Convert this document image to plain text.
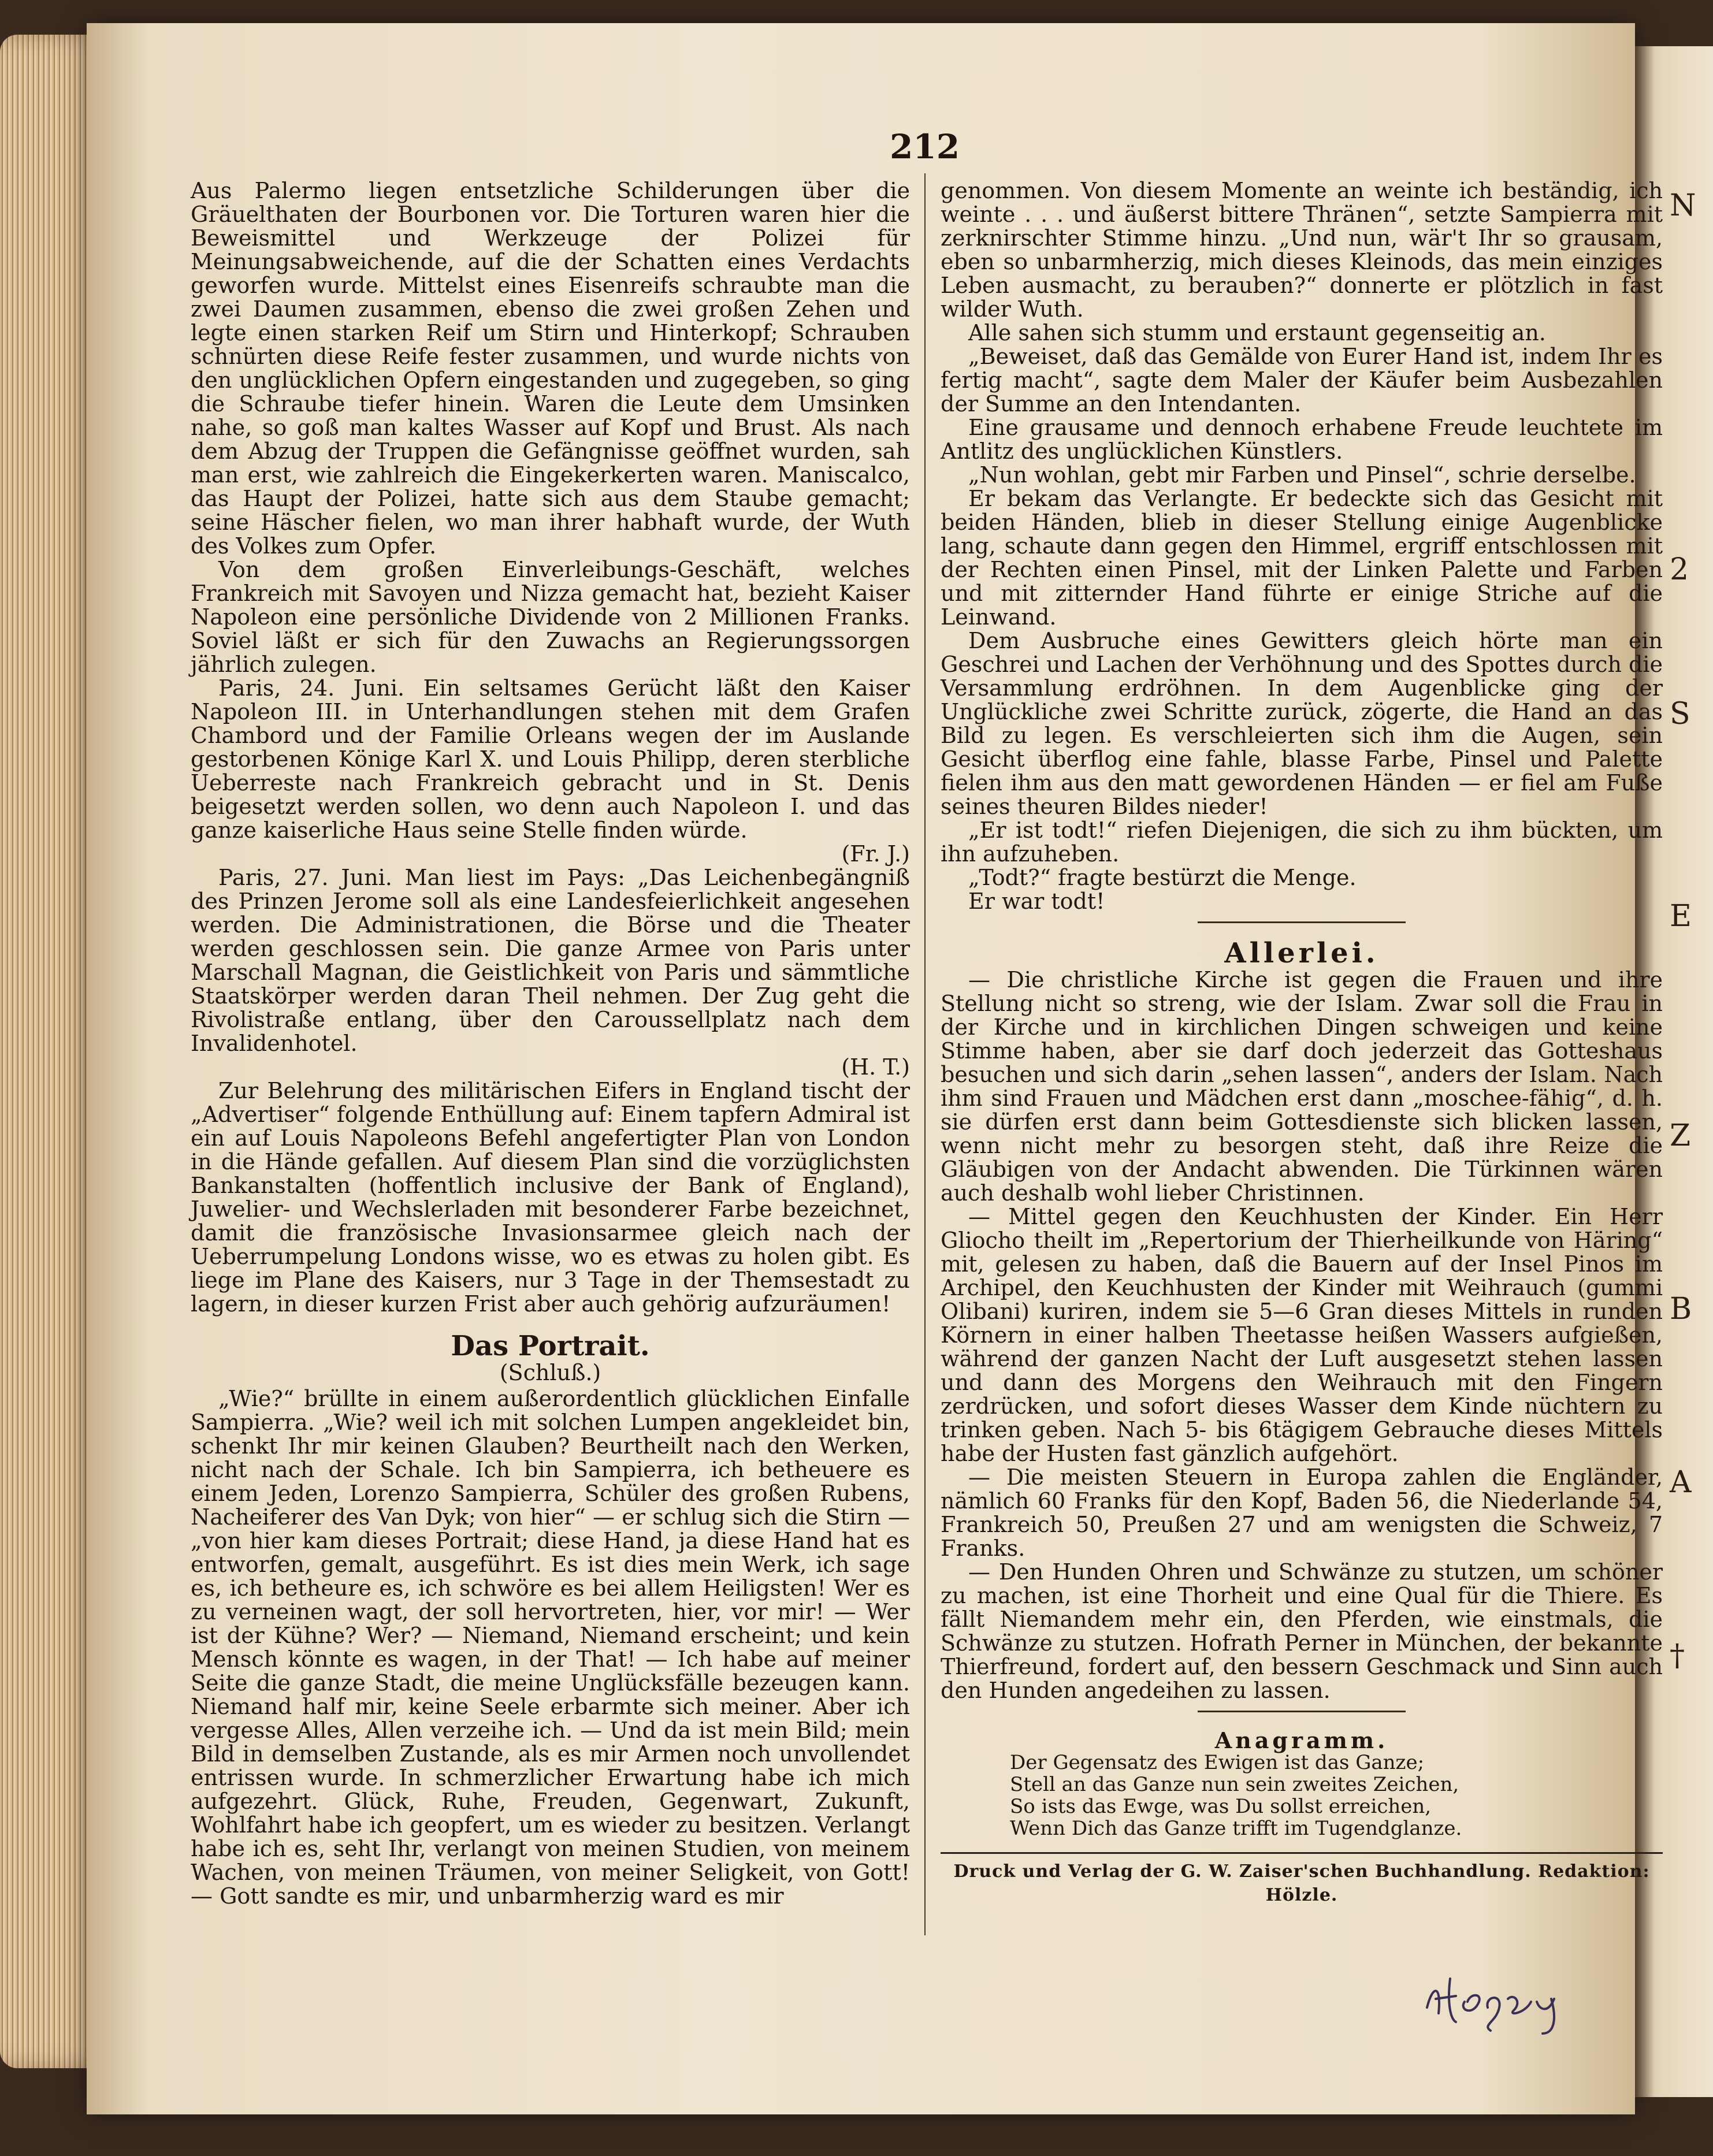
N
2
S
E
Z
B
A
†
212

Aus Palermo liegen entsetzliche Schilderungen über die Gräuelthaten der Bourbonen vor. Die Torturen waren hier die Beweismittel und Werkzeuge der Polizei für Meinungsabweichende, auf die der Schatten eines Verdachts geworfen wurde. Mittelst eines Eisenreifs schraubte man die zwei Daumen zusammen, ebenso die zwei großen Zehen und legte einen starken Reif um Stirn und Hinterkopf; Schrauben schnürten diese Reife fester zusammen, und wurde nichts von den unglücklichen Opfern eingestanden und zugegeben, so ging die Schraube tiefer hinein. Waren die Leute dem Umsinken nahe, so goß man kaltes Wasser auf Kopf und Brust. Als nach dem Abzug der Truppen die Gefängnisse geöffnet wurden, sah man erst, wie zahlreich die Eingekerkerten waren. Maniscalco, das Haupt der Polizei, hatte sich aus dem Staube gemacht; seine Häscher fielen, wo man ihrer habhaft wurde, der Wuth des Volkes zum Opfer.

Von dem großen Einverleibungs-Geschäft, welches Frankreich mit Savoyen und Nizza gemacht hat, bezieht Kaiser Napoleon eine persönliche Dividende von 2 Millionen Franks. Soviel läßt er sich für den Zuwachs an Regierungssorgen jährlich zulegen.

Paris, 24. Juni. Ein seltsames Gerücht läßt den Kaiser Napoleon III. in Unterhandlungen stehen mit dem Grafen Chambord und der Familie Orleans wegen der im Auslande gestorbenen Könige Karl X. und Louis Philipp, deren sterbliche Ueberreste nach Frankreich gebracht und in St. Denis beigesetzt werden sollen, wo denn auch Napoleon I. und das ganze kaiserliche Haus seine Stelle finden würde.

(Fr. J.)

Paris, 27. Juni. Man liest im Pays: „Das Leichenbegängniß des Prinzen Jerome soll als eine Landesfeierlichkeit angesehen werden. Die Administrationen, die Börse und die Theater werden geschlossen sein. Die ganze Armee von Paris unter Marschall Magnan, die Geistlichkeit von Paris und sämmtliche Staatskörper werden daran Theil nehmen. Der Zug geht die Rivolistraße entlang, über den Caroussellplatz nach dem Invalidenhotel.

(H. T.)

Zur Belehrung des militärischen Eifers in England tischt der „Advertiser“ folgende Enthüllung auf: Einem tapfern Admiral ist ein auf Louis Napoleons Befehl angefertigter Plan von London in die Hände gefallen. Auf diesem Plan sind die vorzüglichsten Bankanstalten (hoffentlich inclusive der Bank of England), Juwelier- und Wechslerladen mit besonderer Farbe bezeichnet, damit die französische Invasionsarmee gleich nach der Ueberrumpelung Londons wisse, wo es etwas zu holen gibt. Es liege im Plane des Kaisers, nur 3 Tage in der Themsestadt zu lagern, in dieser kurzen Frist aber auch gehörig aufzuräumen!

Das Portrait.
(Schluß.)

„Wie?“ brüllte in einem außerordentlich glücklichen Einfalle Sampierra. „Wie? weil ich mit solchen Lumpen angekleidet bin, schenkt Ihr mir keinen Glauben? Beurtheilt nach den Werken, nicht nach der Schale. Ich bin Sampierra, ich betheuere es einem Jeden, Lorenzo Sampierra, Schüler des großen Rubens, Nacheiferer des Van Dyk; von hier“ — er schlug sich die Stirn — „von hier kam dieses Portrait; diese Hand, ja diese Hand hat es entworfen, gemalt, ausgeführt. Es ist dies mein Werk, ich sage es, ich betheure es, ich schwöre es bei allem Heiligsten! Wer es zu verneinen wagt, der soll hervortreten, hier, vor mir! — Wer ist der Kühne? Wer? — Niemand, Niemand erscheint; und kein Mensch könnte es wagen, in der That! — Ich habe auf meiner Seite die ganze Stadt, die meine Unglücksfälle bezeugen kann. Niemand half mir, keine Seele erbarmte sich meiner. Aber ich vergesse Alles, Allen verzeihe ich. — Und da ist mein Bild; mein Bild in demselben Zustande, als es mir Armen noch unvollendet entrissen wurde. In schmerzlicher Erwartung habe ich mich aufgezehrt. Glück, Ruhe, Freuden, Gegenwart, Zukunft, Wohlfahrt habe ich geopfert, um es wieder zu besitzen. Verlangt habe ich es, seht Ihr, verlangt von meinen Studien, von meinem Wachen, von meinen Träumen, von meiner Seligkeit, von Gott! — Gott sandte es mir, und unbarmherzig ward es mir

genommen. Von diesem Momente an weinte ich beständig, ich weinte . . . und äußerst bittere Thränen“, setzte Sampierra mit zerknirschter Stimme hinzu. „Und nun, wär't Ihr so grausam, eben so unbarmherzig, mich dieses Kleinods, das mein einziges Leben ausmacht, zu berauben?“ donnerte er plötzlich in fast wilder Wuth.

Alle sahen sich stumm und erstaunt gegenseitig an.

„Beweiset, daß das Gemälde von Eurer Hand ist, indem Ihr es fertig macht“, sagte dem Maler der Käufer beim Ausbezahlen der Summe an den Intendanten.

Eine grausame und dennoch erhabene Freude leuchtete im Antlitz des unglücklichen Künstlers.

„Nun wohlan, gebt mir Farben und Pinsel“, schrie derselbe.

Er bekam das Verlangte. Er bedeckte sich das Gesicht mit beiden Händen, blieb in dieser Stellung einige Augenblicke lang, schaute dann gegen den Himmel, ergriff entschlossen mit der Rechten einen Pinsel, mit der Linken Palette und Farben und mit zitternder Hand führte er einige Striche auf die Leinwand.

Dem Ausbruche eines Gewitters gleich hörte man ein Geschrei und Lachen der Verhöhnung und des Spottes durch die Versammlung erdröhnen. In dem Augenblicke ging der Unglückliche zwei Schritte zurück, zögerte, die Hand an das Bild zu legen. Es verschleierten sich ihm die Augen, sein Gesicht überflog eine fahle, blasse Farbe, Pinsel und Palette fielen ihm aus den matt gewordenen Händen — er fiel am Fuße seines theuren Bildes nieder!

„Er ist todt!“ riefen Diejenigen, die sich zu ihm bückten, um ihn aufzuheben.

„Todt?“ fragte bestürzt die Menge.

Er war todt!

Allerlei.

— Die christliche Kirche ist gegen die Frauen und ihre Stellung nicht so streng, wie der Islam. Zwar soll die Frau in der Kirche und in kirchlichen Dingen schweigen und keine Stimme haben, aber sie darf doch jederzeit das Gotteshaus besuchen und sich darin „sehen lassen“, anders der Islam. Nach ihm sind Frauen und Mädchen erst dann „moschee-fähig“, d. h. sie dürfen erst dann beim Gottesdienste sich blicken lassen, wenn nicht mehr zu besorgen steht, daß ihre Reize die Gläubigen von der Andacht abwenden. Die Türkinnen wären auch deshalb wohl lieber Christinnen.

— Mittel gegen den Keuchhusten der Kinder. Ein Herr Gliocho theilt im „Repertorium der Thierheilkunde von Häring“ mit, gelesen zu haben, daß die Bauern auf der Insel Pinos im Archipel, den Keuchhusten der Kinder mit Weihrauch (gummi Olibani) kuriren, indem sie 5—6 Gran dieses Mittels in runden Körnern in einer halben Theetasse heißen Wassers aufgießen, während der ganzen Nacht der Luft ausgesetzt stehen lassen und dann des Morgens den Weihrauch mit den Fingern zerdrücken, und sofort dieses Wasser dem Kinde nüchtern zu trinken geben. Nach 5- bis 6tägigem Gebrauche dieses Mittels habe der Husten fast gänzlich aufgehört.

— Die meisten Steuern in Europa zahlen die Engländer, nämlich 60 Franks für den Kopf, Baden 56, die Niederlande 54, Frankreich 50, Preußen 27 und am wenigsten die Schweiz, 7 Franks.

— Den Hunden Ohren und Schwänze zu stutzen, um schöner zu machen, ist eine Thorheit und eine Qual für die Thiere. Es fällt Niemandem mehr ein, den Pferden, wie einstmals, die Schwänze zu stutzen. Hofrath Perner in München, der bekannte Thierfreund, fordert auf, den bessern Geschmack und Sinn auch den Hunden angedeihen zu lassen.

Anagramm.
Der Gegensatz des Ewigen ist das Ganze;
Stell an das Ganze nun sein zweites Zeichen,
So ists das Ewge, was Du sollst erreichen,
Wenn Dich das Ganze trifft im Tugendglanze.
Druck und Verlag der G. W. Zaiser'schen Buchhandlung. Redaktion: Hölzle.
